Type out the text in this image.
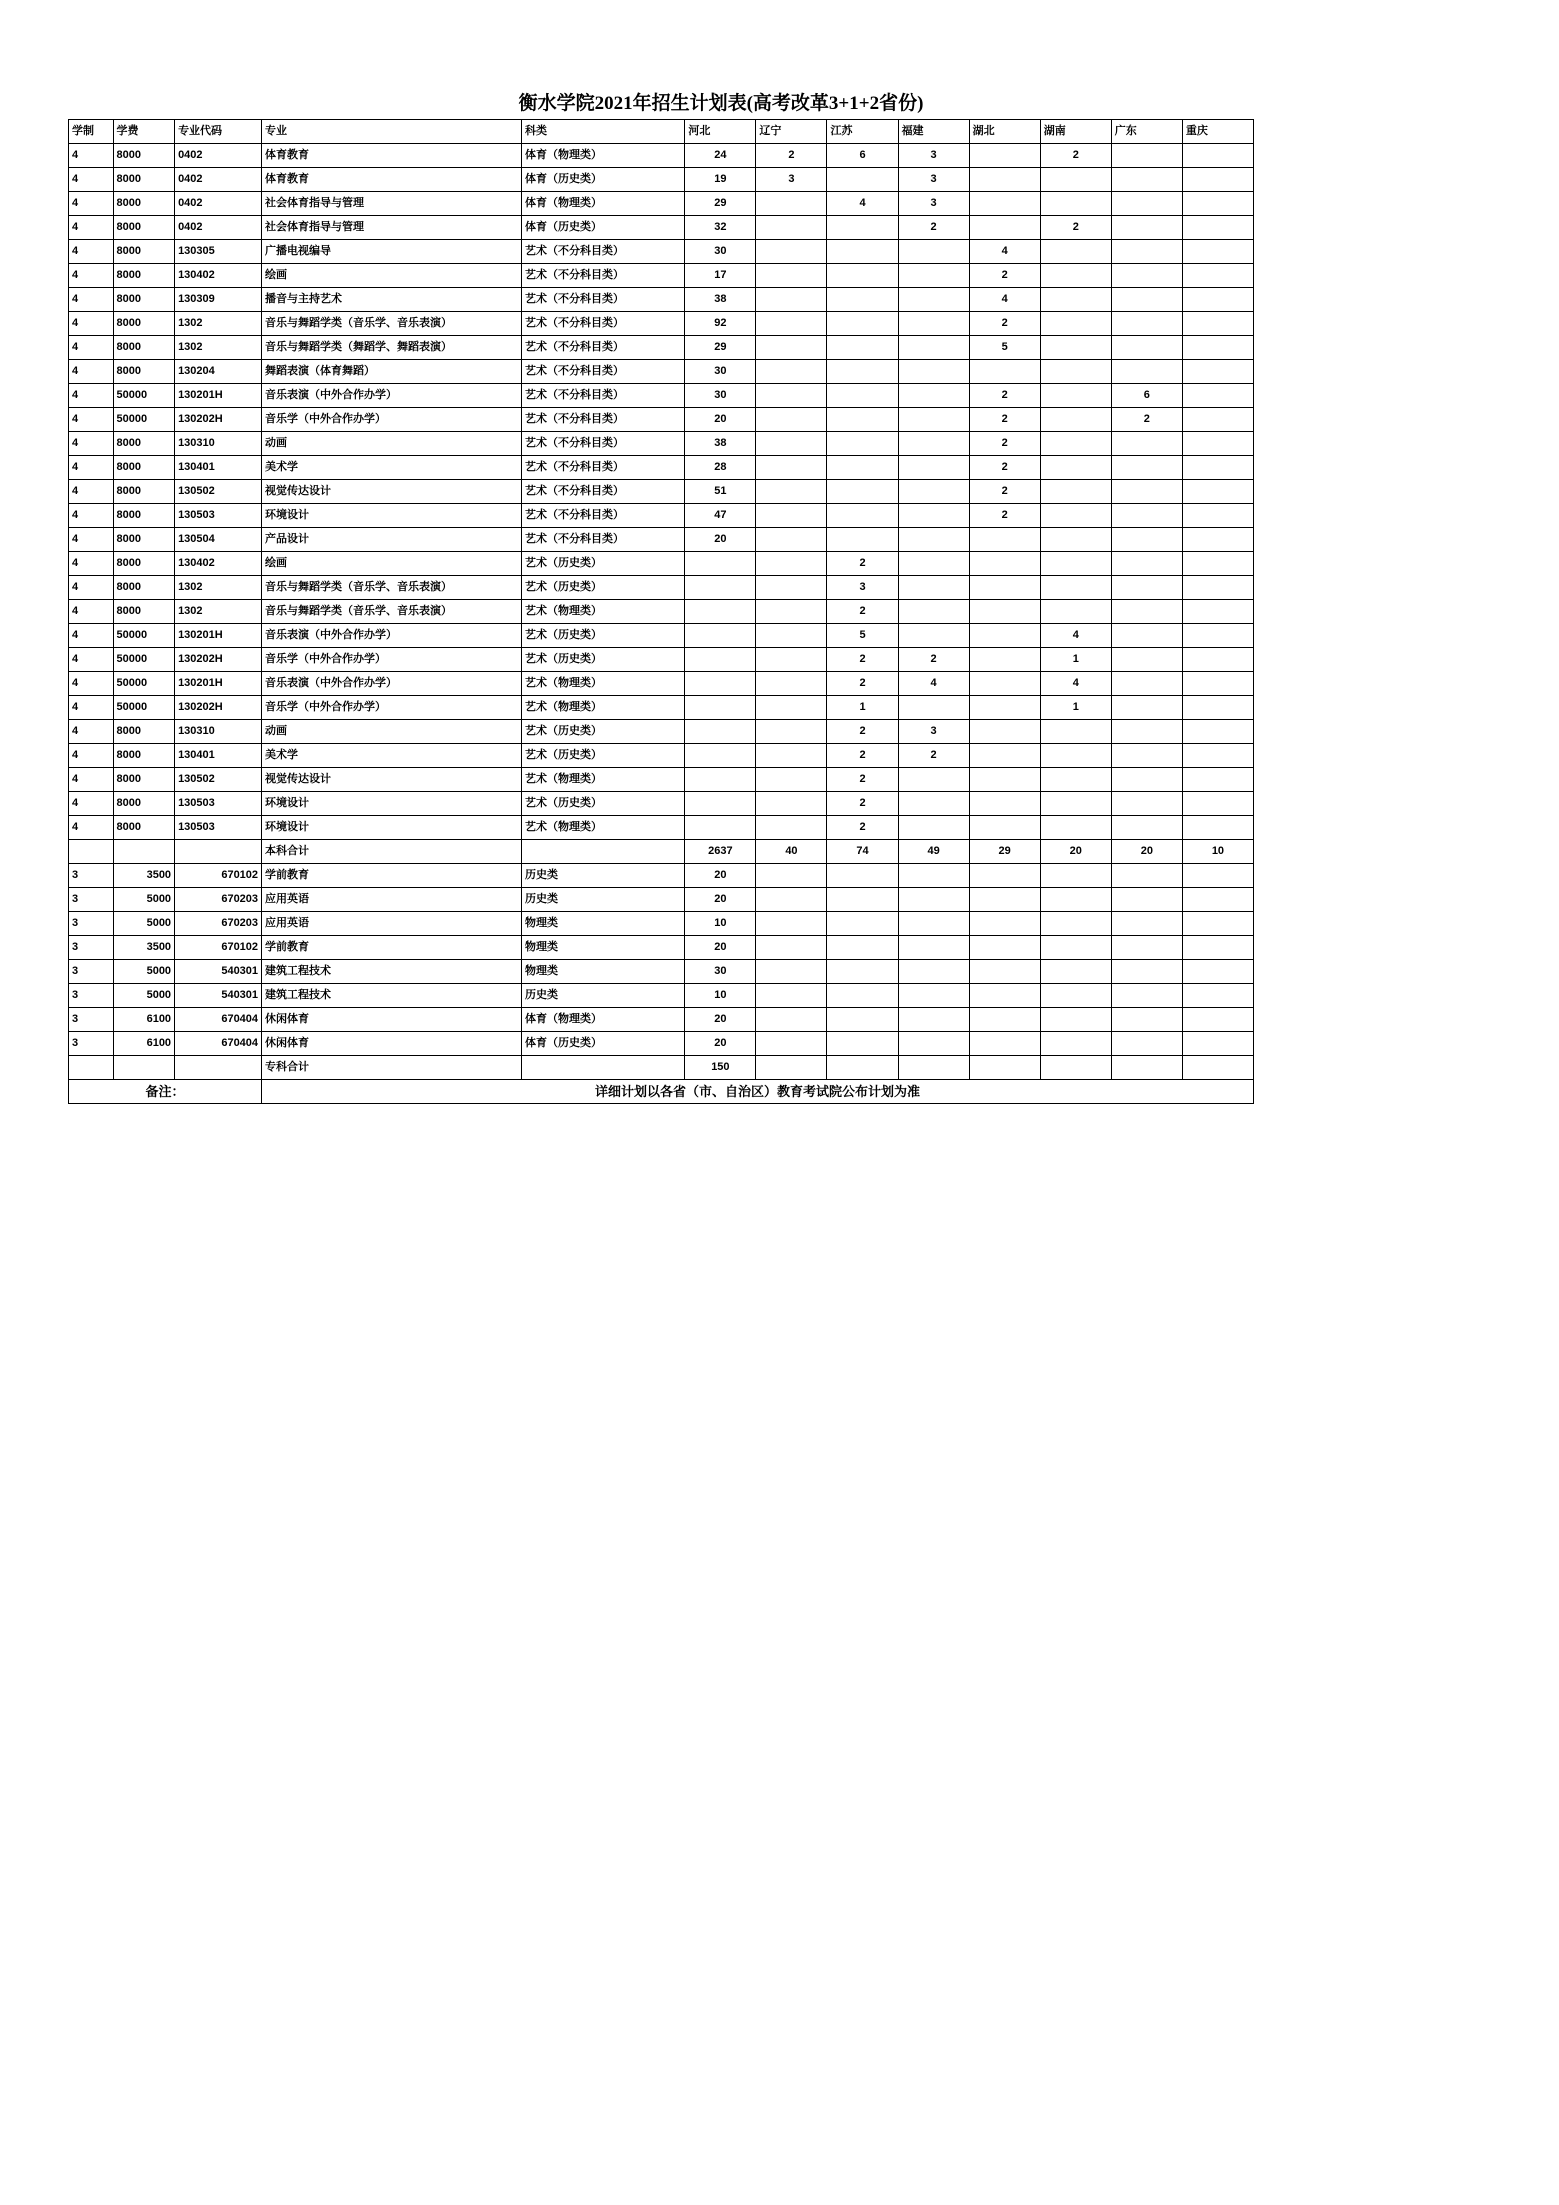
衡水学院2021年招生计划表(高考改革3+1+2省份)
学制	学费	专业代码	专业	科类	河北	辽宁	江苏	福建	湖北	湖南	广东	重庆
4	8000	0402	体育教育	体育（物理类）	24	2	6	3		2		
4	8000	0402	体育教育	体育（历史类）	19	3		3				
4	8000	0402	社会体育指导与管理	体育（物理类）	29		4	3				
4	8000	0402	社会体育指导与管理	体育（历史类）	32			2		2		
4	8000	130305	广播电视编导	艺术（不分科目类）	30				4			
4	8000	130402	绘画	艺术（不分科目类）	17				2			
4	8000	130309	播音与主持艺术	艺术（不分科目类）	38				4			
4	8000	1302	音乐与舞蹈学类（音乐学、音乐表演）	艺术（不分科目类）	92				2			
4	8000	1302	音乐与舞蹈学类（舞蹈学、舞蹈表演）	艺术（不分科目类）	29				5			
4	8000	130204	舞蹈表演（体育舞蹈）	艺术（不分科目类）	30							
4	50000	130201H	音乐表演（中外合作办学）	艺术（不分科目类）	30				2		6	
4	50000	130202H	音乐学（中外合作办学）	艺术（不分科目类）	20				2		2	
4	8000	130310	动画	艺术（不分科目类）	38				2			
4	8000	130401	美术学	艺术（不分科目类）	28				2			
4	8000	130502	视觉传达设计	艺术（不分科目类）	51				2			
4	8000	130503	环境设计	艺术（不分科目类）	47				2			
4	8000	130504	产品设计	艺术（不分科目类）	20							
4	8000	130402	绘画	艺术（历史类）			2					
4	8000	1302	音乐与舞蹈学类（音乐学、音乐表演）	艺术（历史类）			3					
4	8000	1302	音乐与舞蹈学类（音乐学、音乐表演）	艺术（物理类）			2					
4	50000	130201H	音乐表演（中外合作办学）	艺术（历史类）			5			4		
4	50000	130202H	音乐学（中外合作办学）	艺术（历史类）			2	2		1		
4	50000	130201H	音乐表演（中外合作办学）	艺术（物理类）			2	4		4		
4	50000	130202H	音乐学（中外合作办学）	艺术（物理类）			1			1		
4	8000	130310	动画	艺术（历史类）			2	3				
4	8000	130401	美术学	艺术（历史类）			2	2				
4	8000	130502	视觉传达设计	艺术（物理类）			2					
4	8000	130503	环境设计	艺术（历史类）			2					
4	8000	130503	环境设计	艺术（物理类）			2					
			本科合计		2637	40	74	49	29	20	20	10
3	3500	670102	学前教育	历史类	20							
3	5000	670203	应用英语	历史类	20							
3	5000	670203	应用英语	物理类	10							
3	3500	670102	学前教育	物理类	20							
3	5000	540301	建筑工程技术	物理类	30							
3	5000	540301	建筑工程技术	历史类	10							
3	6100	670404	休闲体育	体育（物理类）	20							
3	6100	670404	休闲体育	体育（历史类）	20							
			专科合计		150							
备注：			详细计划以各省（市、自治区）教育考试院公布计划为准									
